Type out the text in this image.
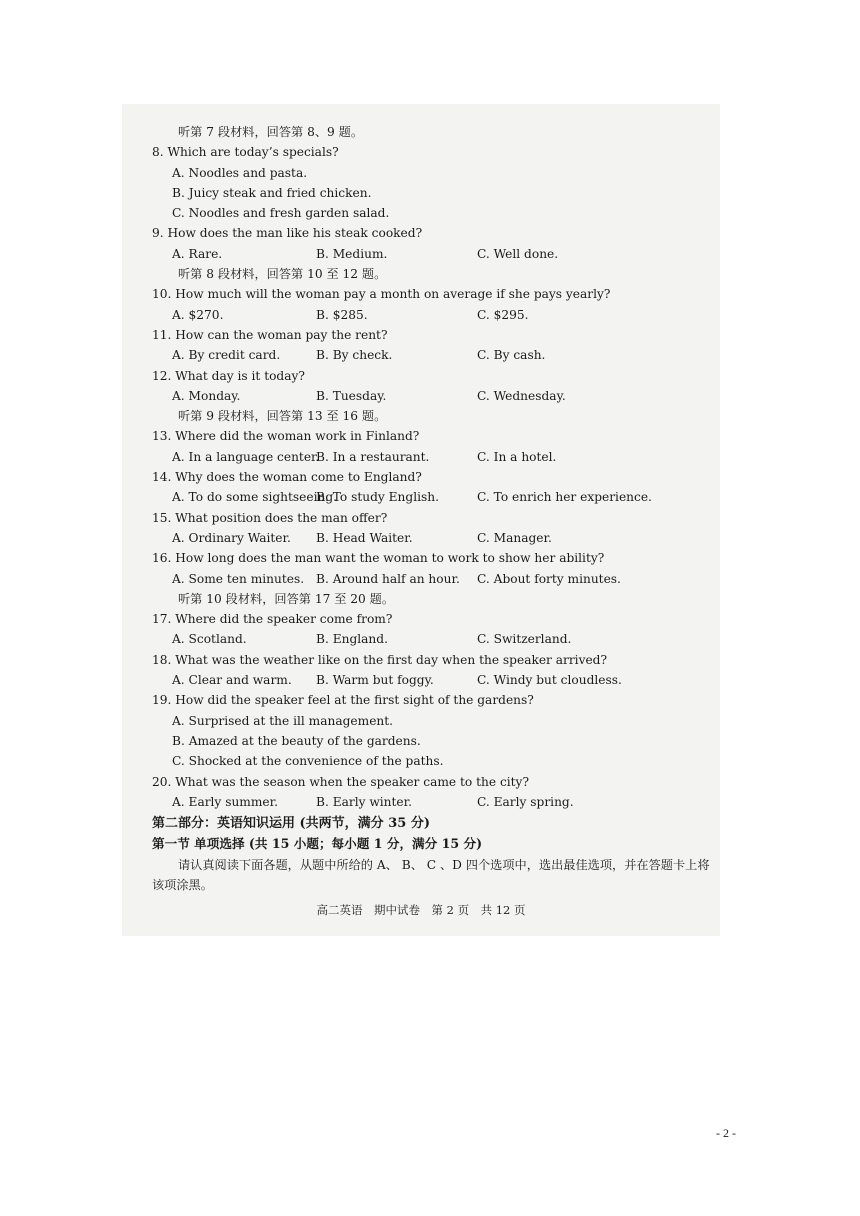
听第 7 段材料，回答第 8、9 题。
8. Which are today’s specials?
A. Noodles and pasta.
B. Juicy steak and fried chicken.
C. Noodles and fresh garden salad.
9. How does the man like his steak cooked?
A. Rare.	B. Medium.	C. Well done.
听第 8 段材料，回答第 10 至 12 题。
10. How much will the woman pay a month on average if she pays yearly?
A. $270.	B. $285.	C. $295.
11. How can the woman pay the rent?
A. By credit card.	B. By check.	C. By cash.
12. What day is it today?
A. Monday.	B. Tuesday.	C. Wednesday.
听第 9 段材料，回答第 13 至 16 题。
13. Where did the woman work in Finland?
A. In a language center.
B. In a restaurant.	C. In a hotel.
14. Why does the woman come to England?
A. To do some sightseeing.
B. To study English.	C. To enrich her experience.
15. What position does the man offer?
A. Ordinary Waiter.	B. Head Waiter.	C. Manager.
16. How long does the man want the woman to work to show her ability?
A. Some ten minutes. B. Around half an hour.	C. About forty minutes.
听第 10 段材料，回答第 17 至 20 题。
17. Where did the speaker come from?
A. Scotland.	B. England.	C. Switzerland.
18. What was the weather like on the first day when the speaker arrived?
A. Clear and warm.	B. Warm but foggy.	C. Windy but cloudless.
19. How did the speaker feel at the first sight of the gardens?
A. Surprised at the ill management.
B. Amazed at the beauty of the gardens.
C. Shocked at the convenience of the paths.
20. What was the season when the speaker came to the city?
A. Early summer.	B. Early winter.	C. Early spring.
第二部分：英语知识运用 (共两节，满分 35 分)
第一节 单项选择 (共 15 小题；每小题 1 分，满分 15 分)
请认真阅读下面各题，从题中所给的 A、 B、 C 、D 四个选项中，选出最佳选项，并在答题卡上将该项涂黑。
高二英语　期中试卷　第 2 页　共 12 页
- 2 -
